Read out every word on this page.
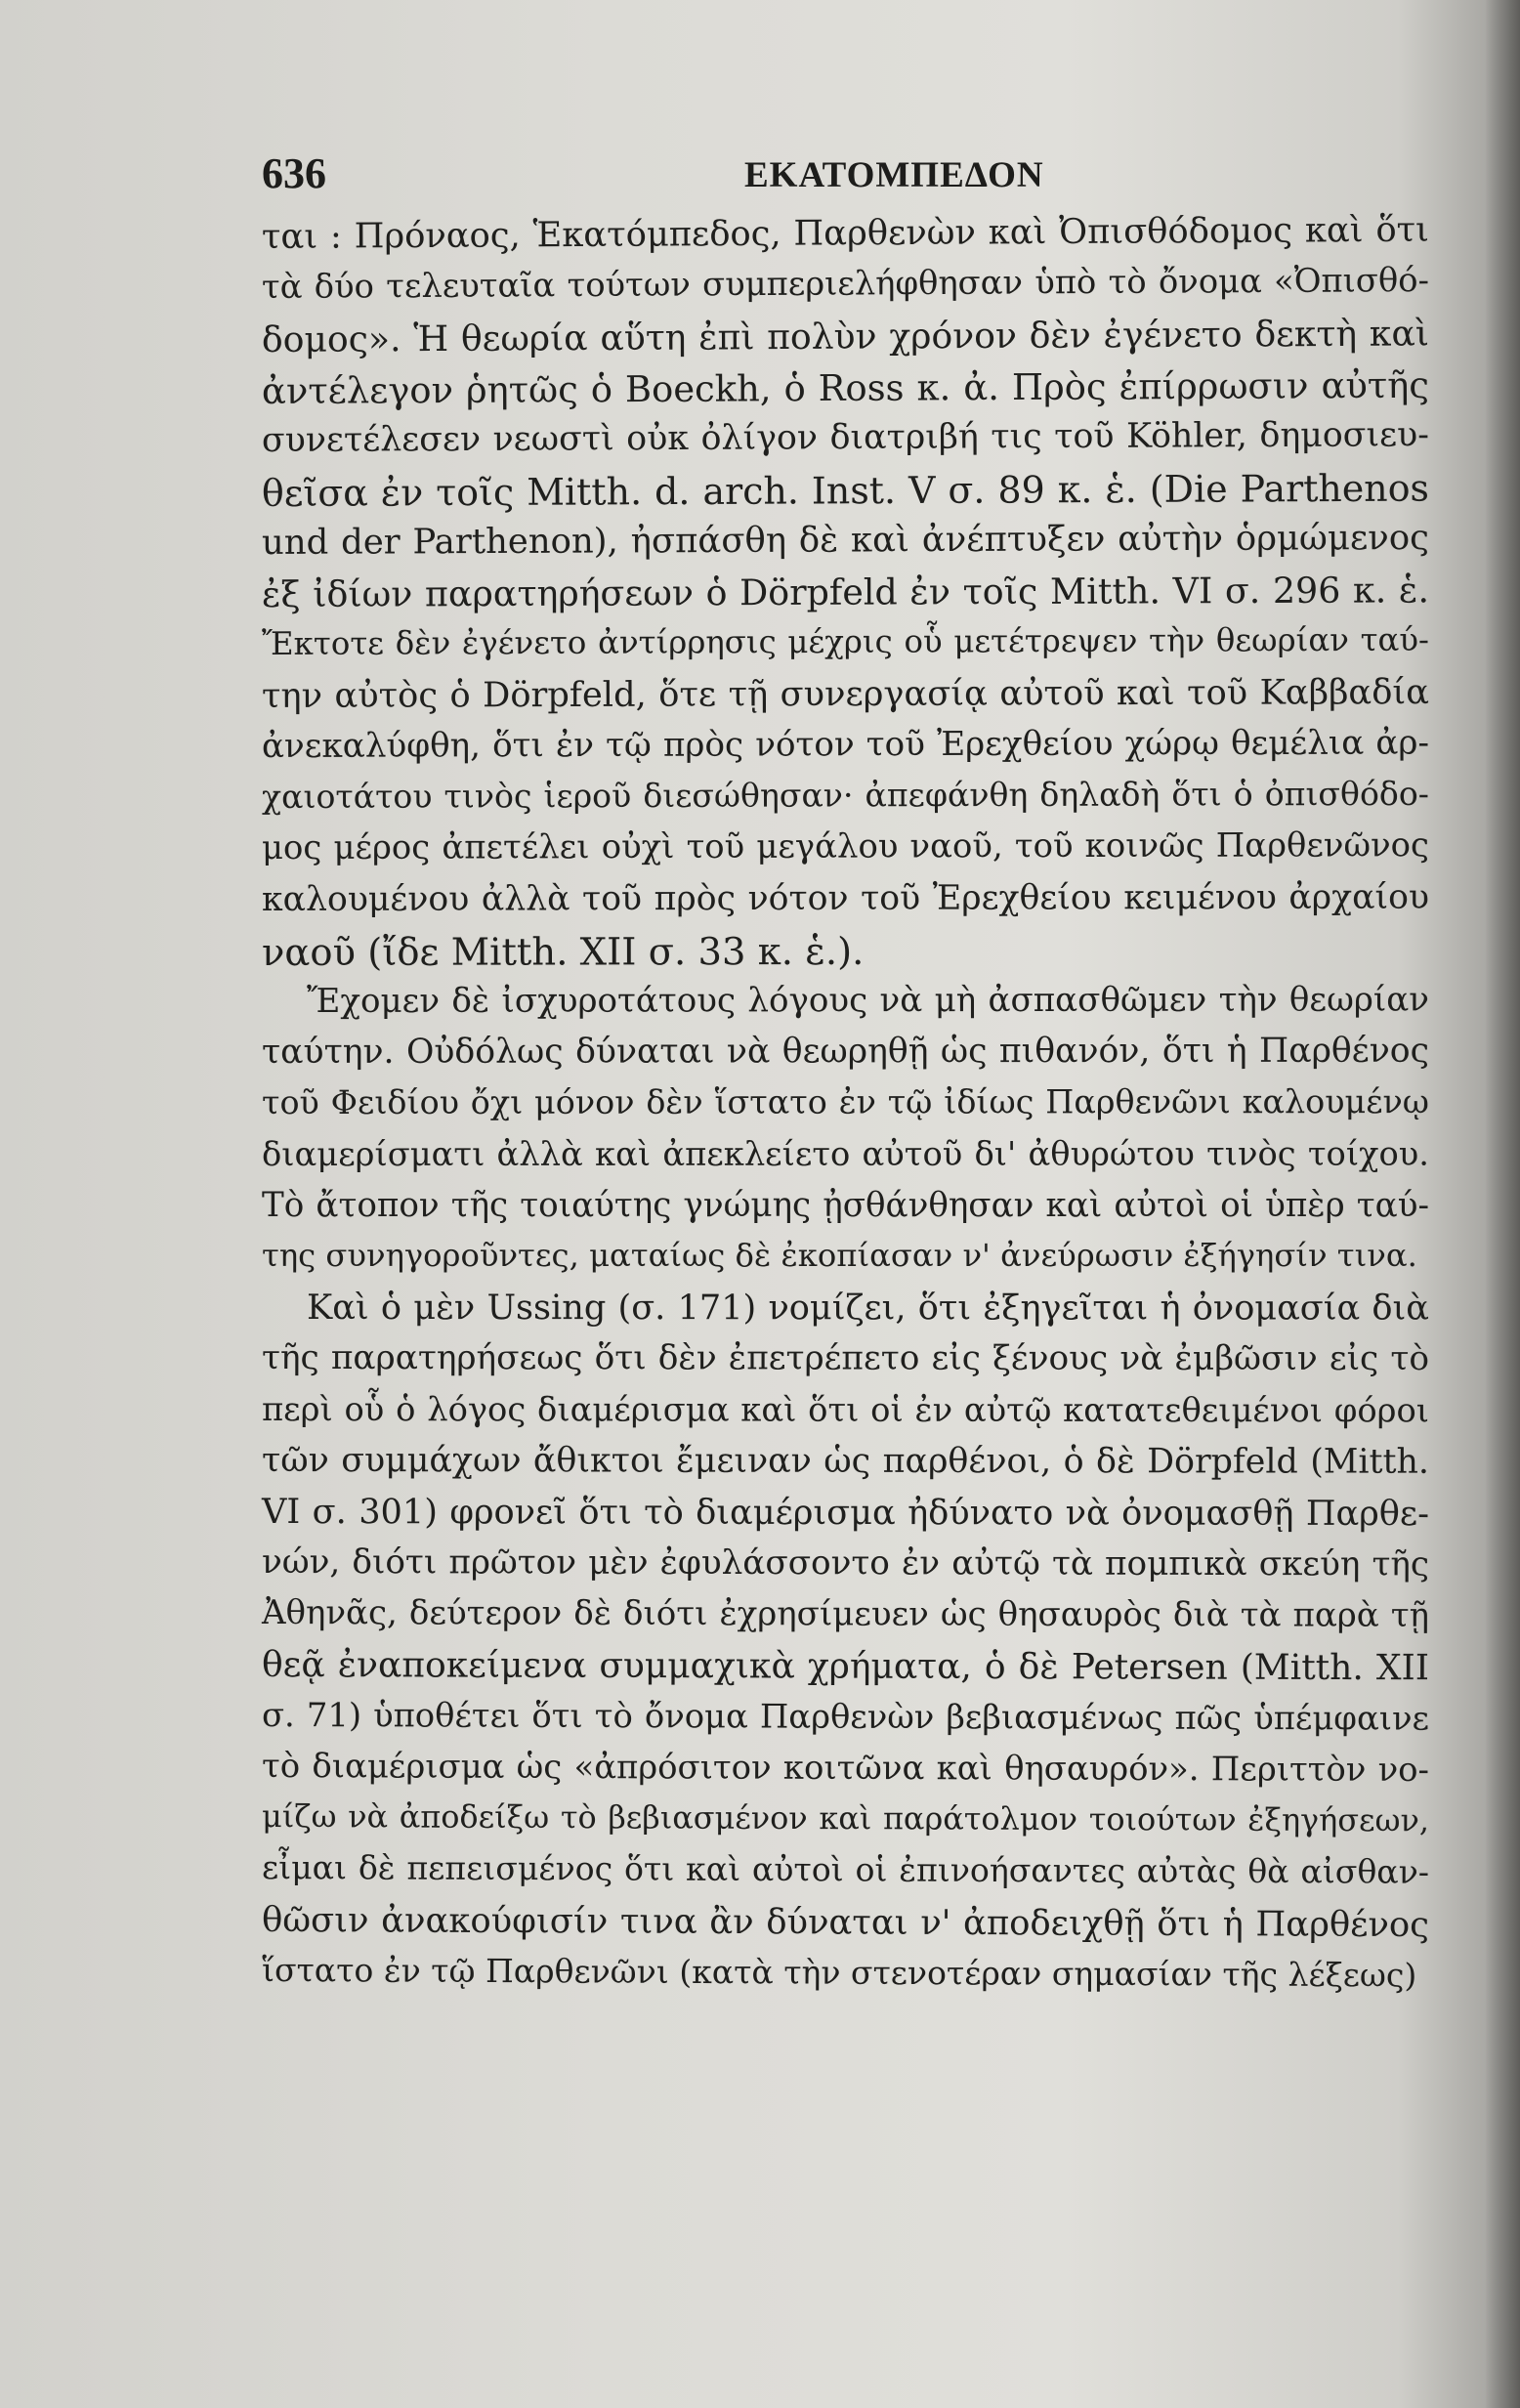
636	ΕΚΑΤΟΜΠΕΔΟΝ
ται : Πρόναος, Ἑκατόμπεδος, Παρθενὼν καὶ Ὀπισθόδομος καὶ ὅτι
τὰ δύο τελευταῖα τούτων συμπεριελήφθησαν ὑπὸ τὸ ὄνομα «Ὀπισθό-
δομος». Ἡ θεωρία αὕτη ἐπὶ πολὺν χρόνον δὲν ἐγένετο δεκτὴ καὶ
ἀντέλεγον ῥητῶς ὁ Boeckh, ὁ Ross κ. ἀ. Πρὸς ἐπίρρωσιν αὐτῆς
συνετέλεσεν νεωστὶ οὐκ ὀλίγον διατριβή τις τοῦ Köhler, δημοσιευ-
θεῖσα ἐν τοῖς Mitth. d. arch. Inst. V σ. 89 κ. ἑ. (Die Parthenos
und der Parthenon), ἠσπάσθη δὲ καὶ ἀνέπτυξεν αὐτὴν ὁρμώμενος
ἐξ ἰδίων παρατηρήσεων ὁ Dörpfeld ἐν τοῖς Mitth. VI σ. 296 κ. ἑ.
Ἔκτοτε δὲν ἐγένετο ἀντίρρησις μέχρις οὗ μετέτρεψεν τὴν θεωρίαν ταύ-
την αὐτὸς ὁ Dörpfeld, ὅτε τῇ συνεργασίᾳ αὐτοῦ καὶ τοῦ Καββαδία
ἀνεκαλύφθη, ὅτι ἐν τῷ πρὸς νότον τοῦ Ἐρεχθείου χώρῳ θεμέλια ἀρ-
χαιοτάτου τινὸς ἱεροῦ διεσώθησαν· ἀπεφάνθη δηλαδὴ ὅτι ὁ ὀπισθόδο-
μος μέρος ἀπετέλει οὐχὶ τοῦ μεγάλου ναοῦ, τοῦ κοινῶς Παρθενῶνος
καλουμένου ἀλλὰ τοῦ πρὸς νότον τοῦ Ἐρεχθείου κειμένου ἀρχαίου
ναοῦ (ἴδε Mitth. XII σ. 33 κ. ἑ.).
Ἔχομεν δὲ ἰσχυροτάτους λόγους νὰ μὴ ἀσπασθῶμεν τὴν θεωρίαν
ταύτην. Οὐδόλως δύναται νὰ θεωρηθῇ ὡς πιθανόν, ὅτι ἡ Παρθένος
τοῦ Φειδίου ὄχι μόνον δὲν ἵστατο ἐν τῷ ἰδίως Παρθενῶνι καλουμένῳ
διαμερίσματι ἀλλὰ καὶ ἀπεκλείετο αὐτοῦ δι' ἀθυρώτου τινὸς τοίχου.
Τὸ ἄτοπον τῆς τοιαύτης γνώμης ᾐσθάνθησαν καὶ αὐτοὶ οἱ ὑπὲρ ταύ-
της συνηγοροῦντες, ματαίως δὲ ἐκοπίασαν ν' ἀνεύρωσιν ἐξήγησίν τινα.
Καὶ ὁ μὲν Ussing (σ. 171) νομίζει, ὅτι ἐξηγεῖται ἡ ὀνομασία διὰ
τῆς παρατηρήσεως ὅτι δὲν ἐπετρέπετο εἰς ξένους νὰ ἐμβῶσιν εἰς τὸ
περὶ οὗ ὁ λόγος διαμέρισμα καὶ ὅτι οἱ ἐν αὐτῷ κατατεθειμένοι φόροι
τῶν συμμάχων ἄθικτοι ἔμειναν ὡς παρθένοι, ὁ δὲ Dörpfeld (Mitth.
VI σ. 301) φρονεῖ ὅτι τὸ διαμέρισμα ἠδύνατο νὰ ὀνομασθῇ Παρθε-
νών, διότι πρῶτον μὲν ἐφυλάσσοντο ἐν αὐτῷ τὰ πομπικὰ σκεύη τῆς
Ἀθηνᾶς, δεύτερον δὲ διότι ἐχρησίμευεν ὡς θησαυρὸς διὰ τὰ παρὰ τῇ
θεᾷ ἐναποκείμενα συμμαχικὰ χρήματα, ὁ δὲ Petersen (Mitth. XII
σ. 71) ὑποθέτει ὅτι τὸ ὄνομα Παρθενὼν βεβιασμένως πῶς ὑπέμφαινε
τὸ διαμέρισμα ὡς «ἀπρόσιτον κοιτῶνα καὶ θησαυρόν». Περιττὸν νο-
μίζω νὰ ἀποδείξω τὸ βεβιασμένον καὶ παράτολμον τοιούτων ἐξηγήσεων,
εἶμαι δὲ πεπεισμένος ὅτι καὶ αὐτοὶ οἱ ἐπινοήσαντες αὐτὰς θὰ αἰσθαν-
θῶσιν ἀνακούφισίν τινα ἂν δύναται ν' ἀποδειχθῇ ὅτι ἡ Παρθένος
ἵστατο ἐν τῷ Παρθενῶνι (κατὰ τὴν στενοτέραν σημασίαν τῆς λέξεως)
